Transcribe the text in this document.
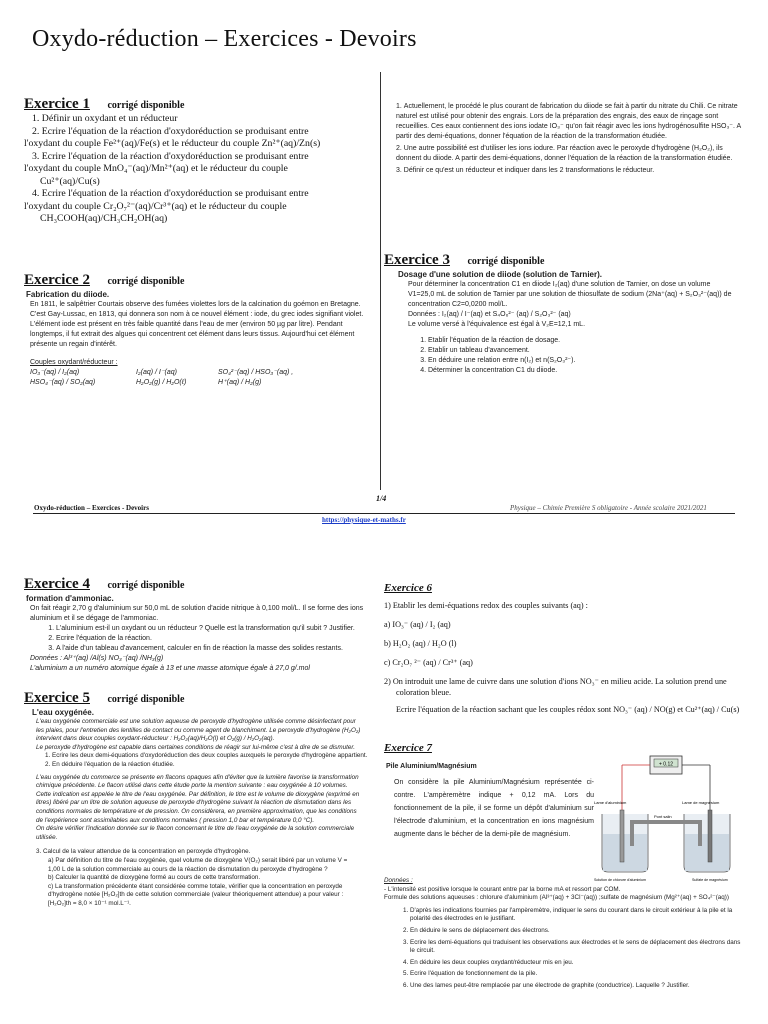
Oxydo-réduction – Exercices - Devoirs
Exercice 1 corrigé disponible
1. Définir un oxydant et un réducteur
2. Ecrire l'équation de la réaction d'oxydoréduction se produisant entre
l'oxydant du couple Fe²⁺(aq)/Fe(s) et le réducteur du couple Zn²⁺(aq)/Zn(s)
3. Ecrire l'équation de la réaction d'oxydoréduction se produisant entre
l'oxydant du couple MnO₄⁻(aq)/Mn²⁺(aq) et le réducteur du couple
Cu²⁺(aq)/Cu(s)
4. Ecrire l'équation de la réaction d'oxydoréduction se produisant entre
l'oxydant du couple Cr₂O₇²⁻(aq)/Cr³⁺(aq) et le réducteur du couple
CH₃COOH(aq)/CH₃CH₂OH(aq)
Exercice 2 corrigé disponible
Fabrication du diiode.
En 1811, le salpêtrier Courtais observe des fumées violettes lors de la calcination du goémon en Bretagne. C'est Gay-Lussac, en 1813, qui donnera son nom à ce nouvel élément : iode, du grec iodes signifiant violet. L'élément iode est présent en très faible quantité dans l'eau de mer (environ 50 µg par litre). Pendant longtemps, il fut extrait des algues qui concentrent cet élément dans leurs tissus. Aujourd'hui cet élément présente un regain d'intérêt.
Couples oxydant/réducteur :
IO₃⁻(aq) / I₂(aq)	I₂(aq) / I⁻(aq)	SO₄²⁻(aq) / HSO₃⁻(aq) ,
HSO₄⁻(aq) / SO₂(aq)	H₂O₂(g) / H₂O(ℓ)	H⁺(aq) / H₂(g)
1. Actuellement, le procédé le plus courant de fabrication du diiode se fait à partir du nitrate du Chili. Ce nitrate naturel est utilisé pour obtenir des engrais. Lors de la préparation des engrais, des eaux de rinçage sont recueillies. Ces eaux contiennent des ions iodate IO₃⁻ qu'on fait réagir avec les ions hydrogénosulfite HSO₃⁻. A partir des demi-équations, donner l'équation de la réaction de la transformation étudiée.
2. Une autre possibilité est d'utiliser les ions iodure. Par réaction avec le peroxyde d'hydrogène (H₂O₂), ils donnent du diiode. A partir des demi-équations, donner l'équation de la réaction de la transformation étudiée.
3. Définir ce qu'est un réducteur et indiquer dans les 2 transformations le réducteur.
Exercice 3 corrigé disponible
Dosage d'une solution de diiode (solution de Tarnier).
Pour déterminer la concentration C1 en diiode I₂(aq) d'une solution de Tarnier, on dose un volume V1=25,0 mL de solution de Tarnier par une solution de thiosulfate de sodium (2Na⁺(aq) + S₂O₃²⁻(aq)) de concentration C2=0,0200 mol/L.
Données : I₂(aq) / I⁻(aq) et S₄O₆²⁻ (aq) / S₂O₃²⁻ (aq)
Le volume versé à l'équivalence est égal à V₂E=12,1 mL.
1. Etablir l'équation de la réaction de dosage.
2. Etablir un tableau d'avancement.
3. En déduire une relation entre n(I₂) et n(S₂O₃²⁻).
4. Déterminer la concentration C1 du diiode.
1/4
Oxydo-réduction – Exercices - Devoirs	Physique – Chimie Première S obligatoire - Année scolaire 2021/2021
https://physique-et-maths.fr
Exercice 4 corrigé disponible
formation d'ammoniac.
On fait réagir 2,70 g d'aluminium sur 50,0 mL de solution d'acide nitrique à 0,100 mol/L. Il se forme des ions aluminium et il se dégage de l'ammoniac.
1. L'aluminium est-il un oxydant ou un réducteur ? Quelle est la transformation qu'il subit ? Justifier.
2. Ecrire l'équation de la réaction.
3. A l'aide d'un tableau d'avancement, calculer en fin de réaction la masse des solides restants.
Données : Al³⁺(aq) /Al(s) NO₃⁻(aq) /NH₃(g)
L'aluminium a un numéro atomique égale à 13 et une masse atomique égale à 27,0 g/.mol
Exercice 5 corrigé disponible
L'eau oxygénée.
L'eau oxygénée commerciale est une solution aqueuse de peroxyde d'hydrogène utilisée comme désinfectant pour les plaies, pour l'entretien des lentilles de contact ou comme agent de blanchiment. Le peroxyde d'hydrogène (H₂O₂) intervient dans deux couples oxydant-réducteur : H₂O₂(aq)/H₂O(l) et O₂(g) / H₂O₂(aq).
Le peroxyde d'hydrogène est capable dans certaines conditions de réagir sur lui-même c'est à dire de se dismuter.
1. Ecrire les deux demi-équations d'oxydoréduction des deux couples auxquels le peroxyde d'hydrogène appartient.
2. En déduire l'équation de la réaction étudiée.
L'eau oxygénée du commerce se présente en flacons opaques afin d'éviter que la lumière favorise la transformation chimique précédente. Le flacon utilisé dans cette étude porte la mention suivante : eau oxygénée à 10 volumes. Cette indication est appelée le titre de l'eau oxygénée. Par définition, le titre est le volume de dioxygène (exprimé en litres) libéré par un litre de solution aqueuse de peroxyde d'hydrogène suivant la réaction de dismutation dans les conditions normales de température et de pression. On considèrera, en première approximation, que les conditions de l'expérience sont assimilables aux conditions normales ( pression 1,0 bar et température 0,0 °C).
On désire vérifier l'indication donnée sur le flacon concernant le titre de l'eau oxygénée de la solution commerciale utilisée.
3. Calcul de la valeur attendue de la concentration en peroxyde d'hydrogène.
a) Par définition du titre de l'eau oxygénée, quel volume de dioxygène V(O₂) serait libéré par un volume V = 1,00 L de la solution commerciale au cours de la réaction de dismutation du peroxyde d'hydrogène ?
b) Calculer la quantité de dioxygène formé au cours de cette transformation.
c) La transformation précédente étant considérée comme totale, vérifier que la concentration en peroxyde d'hydrogène notée [H₂O₂]th de cette solution commerciale (valeur théoriquement attendue) a pour valeur : [H₂O₂]th = 8,0 × 10⁻¹ mol.L⁻¹.
Exercice 6
1) Etablir les demi-équations redox des couples suivants (aq) :
a) IO₃⁻ (aq) / I₂ (aq)
b) H₂O₂ (aq) / H₂O (l)
c) Cr₂O₇ ²⁻ (aq) / Cr³⁺ (aq)
2) On introduit une lame de cuivre dans une solution d'ions NO₃⁻ en milieu acide. La solution prend une coloration bleue.
Ecrire l'équation de la réaction sachant que les couples rédox sont NO₃⁻ (aq) / NO(g) et Cu²⁺(aq) / Cu(s)
Exercice 7
Pile Aluminium/Magnésium
On considère la pile Aluminium/Magnésium représentée ci-contre. L'ampèremètre indique + 0,12 mA. Lors du fonctionnement de la pile, il se forme un dépôt d'aluminium sur l'électrode d'aluminium, et la concentration en ions magnésium augmente dans le bécher de la demi-pile de magnésium.
+ 0.12
Lame d'aluminium	Lame de magnésium
Pont salin
Solution de chlorure d'aluminium	Sulfate de magnésium
Données :
- L'intensité est positive lorsque le courant entre par la borne mA et ressort par COM.
Formule des solutions aqueuses : chlorure d'aluminium (Al³⁺(aq) + 3Cl⁻(aq)) ;sulfate de magnésium (Mg²⁺(aq) + SO₄²⁻(aq))
1. D'après les indications fournies par l'ampèremètre, indiquer le sens du courant dans le circuit extérieur à la pile et la polarité des électrodes en le justifiant.
2. En déduire le sens de déplacement des électrons.
3. Ecrire les demi-équations qui traduisent les observations aux électrodes et le sens de déplacement des électrons dans le circuit.
4. En déduire les deux couples oxydant/réducteur mis en jeu.
5. Ecrire l'équation de fonctionnement de la pile.
6. Une des lames peut-être remplacée par une électrode de graphite (conductrice). Laquelle ? Justifier.
